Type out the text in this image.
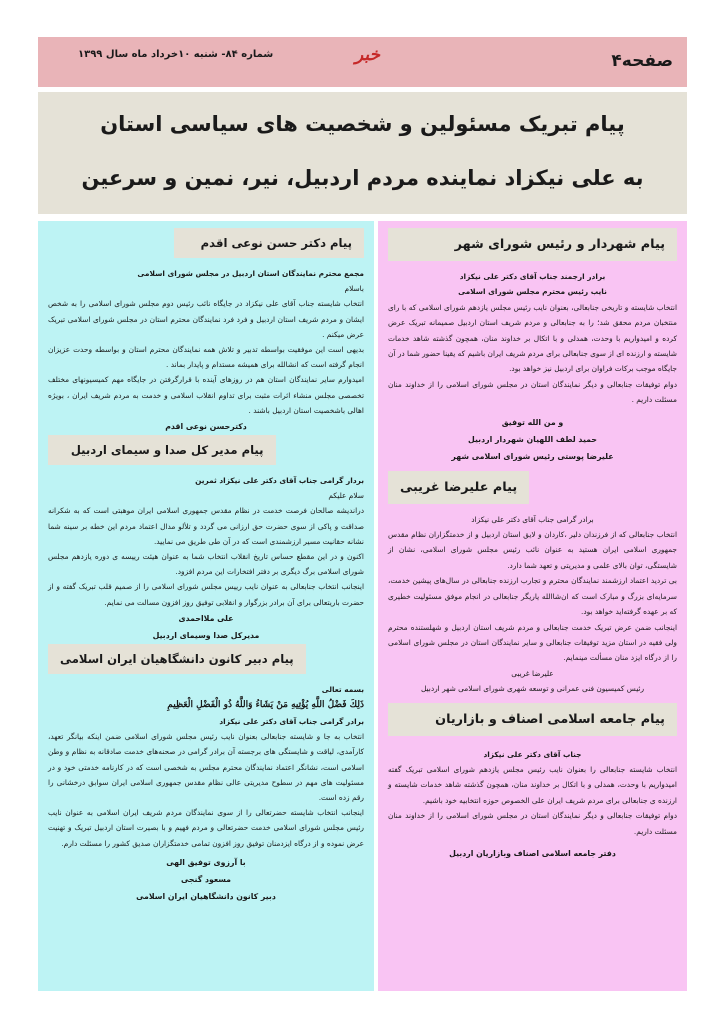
صفحه۴
خبر
شماره ۸۴- شنبه ۱۰خرداد ماه سال ۱۳۹۹
پیام تبریک مسئولین و شخصیت های سیاسی استان
به علی نیکزاد نماینده مردم اردبیل، نیر، نمین و سرعین
پیام شهردار و رئیس شورای شهر
برادر ارجمند جناب آقای دکتر علی نیکزاد
نایب رئیس محترم مجلس شورای اسلامی
انتخاب شایسته و تاریخی جنابعالی، بعنوان نایب رئیس مجلس یازدهم شورای اسلامی که با رای منتخبان مردم محقق شد؛ را به جنابعالی و مردم شریف استان اردبیل صمیمانه تبریک عرض کرده و امیدواریم با وحدت، همدلی و با اتکال بر خداوند منان، همچون گذشته شاهد خدمات شایسته و ارزنده ای از سوی جنابعالی برای مردم شریف ایران باشیم که یقینا حضور شما در آن جایگاه موجب برکات فراوان برای اردبیل نیز خواهد بود.
دوام توفیقات جنابعالی و دیگر نمایندگان استان در مجلس شورای اسلامی را از خداوند منان مسئلت داریم .
و من الله توفیق
حمید لطف اللهیان شهردار اردبیل
علیرضا پوستی رئیس شورای اسلامی شهر
پیام علیرضا غریبی
برادر گرامی جناب آقای دکتر علی نیکزاد
انتخاب جنابعالی که از فرزندان دلیر ،کاردان و لایق استان اردبیل و از خدمتگزاران نظام مقدس جمهوری اسلامی ایران هستید به عنوان نائب رئیس مجلس شورای اسلامی، نشان از شایستگی، توان بالای علمی و مدیریتی و تعهد شما دارد.
بی تردید اعتماد ارزشمند نمایندگان محترم و تجارب ارزنده جنابعالی در سال‌های پیشین خدمت، سرمایه‌ای بزرگ و مبارک است که ان‌شاالله یاریگر جنابعالی در انجام موفق مسئولیت خطیری که بر عهده گرفته‌اید خواهد بود.
اینجانب ضمن عرض تبریک خدمت جنابعالی و مردم شریف استان اردبیل و شهلستنده محترم ولی فقیه در استان مزید توفیقات جنابعالی و سایر نمایندگان استان در مجلس شورای اسلامی را از درگاه ایزد منان مسألت مینمایم.
علیرضا غریبی
رئیس کمیسیون فنی عمرانی و توسعه شهری شورای اسلامی شهر اردبیل
پیام جامعه اسلامی اصناف و بازاریان
جناب آقای دکتر علی نیکزاد
انتخاب شایسته جنابعالی را بعنوان نایب رئیس مجلس یازدهم شورای اسلامی تبریک گفته امیدواریم با وحدت، همدلی و با اتکال بر خداوند منان، همچون گذشته شاهد خدمات شایسته و ارزنده ی جنابعالی برای مردم شریف ایران علی الخصوص حوزه انتخابیه خود باشیم.
دوام توفیقات جنابعالی و دیگر نمایندگان استان در مجلس شورای اسلامی را از خداوند منان مسئلت داریم.
دفتر جامعه اسلامی اصناف وبازاریان اردبیل
پیام دکتر حسن نوعی اقدم
مجمع محترم نمایندگان استان اردبیل در مجلس شورای اسلامی
باسلام
انتخاب شایسته جناب آقای علی نیکزاد در جایگاه نائب رئیس دوم مجلس شورای اسلامی را به شخص ایشان و مردم شریف استان اردبیل و فرد فرد نمایندگان محترم استان در مجلس شورای اسلامی تبریک عرض میکنم .
بدیهی است این موفقیت بواسطه تدبیر و تلاش همه نمایندگان محترم استان و بواسطه وحدت عزیزان انجام گرفته است که انشالله برای همیشه مستدام و پایدار بماند .
امیدوارم سایر نمایندگان استان هم در روزهای آینده با قرارگرفتن در جایگاه مهم کمیسیونهای مختلف تخصصی مجلس منشاء اثرات مثبت برای تداوم انقلاب اسلامی و خدمت به مردم شریف ایران ، بویژه اهالی باشخصیت استان اردبیل باشند .
دکترحسن نوعی اقدم
پیام مدیر کل صدا و سیمای اردبیل
بردار گرامی جناب آقای دکتر علی نیکزاد ثمرین
سلام علیکم
درانديشه صالحان فرصت خدمت در نظام مقدس جمهوری اسلامی ایران موهبتی است که به شکرانه صداقت و پاکی از سوی حضرت حق ارزانی می گردد و تلألو مدال اعتماد مردم این خطه بر سینه شما نشانه حقانیت مسیر ارزشمندی است که در آن طی طریق می نمایید.
اکنون و در این مقطع حساس تاریخ انقلاب انتخاب شما به عنوان هیئت رییسه ی دوره یازدهم مجلس شورای اسلامی برگ دیگری بر دفتر افتخارات این مردم افزود.
اینجانب انتخاب جنابعالی به عنوان نایب رییس مجلس شورای اسلامی را از صمیم قلب تبریک گفته و از حضرت باریتعالی برای آن برادر بزرگوار و انقلابی توفیق روز افزون مسالت می نمایم.
علی ملااحمدی
مدیرکل صدا وسیمای اردبیل
پیام دبیر کانون دانشگاهیان ایران اسلامی
بسمه تعالی
ذَلِكَ فَضْلُ اللَّهِ يُؤْتِيهِ مَنْ يَشَاءُ وَاللَّهُ ذُو الْفَضْلِ الْعَظِيمِ
برادر گرامی جناب آقای دکتر علی نیکزاد
انتخاب به جا و شایسته جنابعالی بعنوان نایب رئیس مجلس شورای اسلامی ضمن اینکه بیانگر تعهد، کارآمدی، لیاقت و شایستگی های برجسته آن برادر گرامی در صحنه‌های خدمت صادقانه به نظام و وطن اسلامی است، نشانگر اعتماد نمایندگان محترم مجلس به شخصی است که در کارنامه خدمتی خود و در مسئولیت های مهم در سطوح مدیریتی عالی نظام مقدس جمهوری اسلامی ایران سوابق درخشانی را رقم زده است.
اینجانب انتخاب شایسته حضرتعالی را از سوی نمایندگان مردم شریف ایران اسلامی به عنوان نایب رئیس مجلس شورای اسلامی خدمت حضرتعالی و مردم فهیم و با بصیرت استان اردبیل تبریک و تهنیت عرض نموده و از درگاه ایزدمنان توفیق روز افزون تمامی خدمتگزاران صدیق کشور را مسئلت دارم.
با آرزوی توفیق الهی
مسعود گنجی
دبیر کانون دانشگاهیان ایران اسلامی
